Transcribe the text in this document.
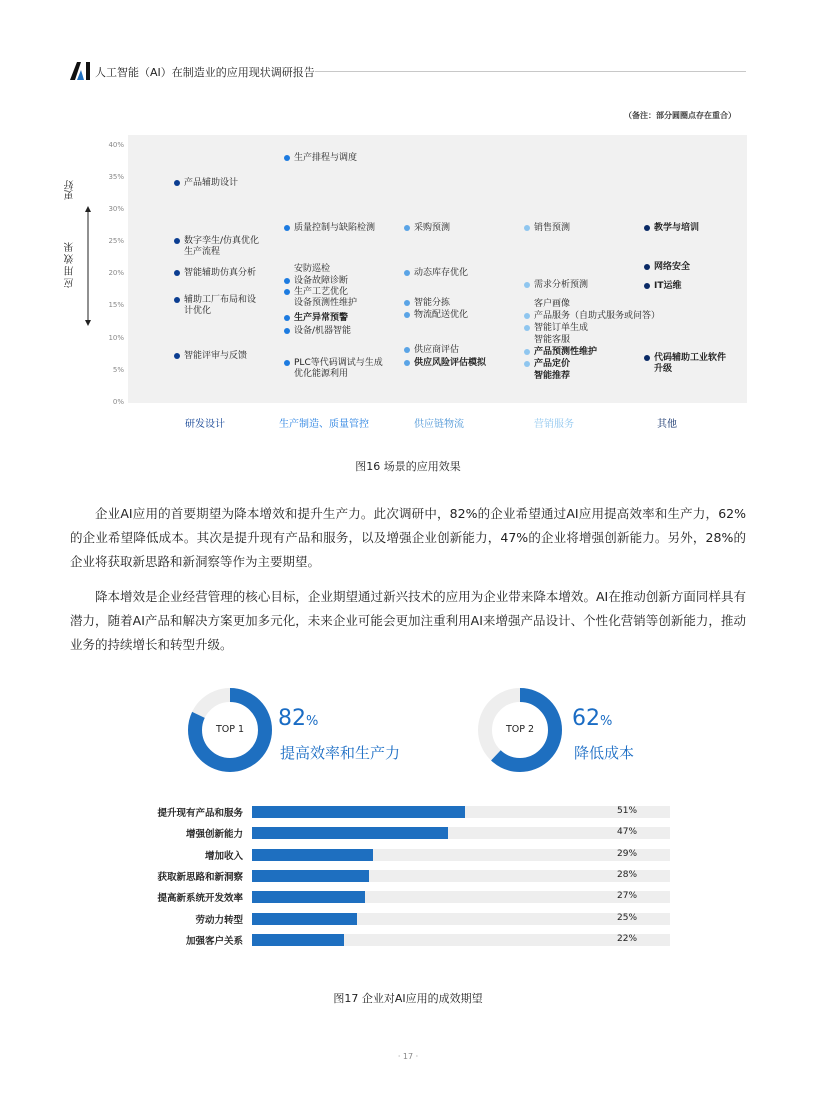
人工智能（AI）在制造业的应用现状调研报告
（备注：部分圆圈点存在重合）
40%
35%
30%
25%
20%
15%
10%
5%
0%
更好
应用效果
产品辅助设计
数字孪生/仿真优化
生产流程
智能辅助仿真分析
辅助工厂布局和设
计优化
智能评审与反馈
生产排程与调度
质量控制与缺陷检测
安防巡检
设备故障诊断
生产工艺优化
设备预测性维护
生产异常预警
设备/机器智能
PLC等代码调试与生成
优化能源利用
采购预测
动态库存优化
智能分拣
物流配送优化
供应商评估
供应风险评估模拟
销售预测
需求分析预测
客户画像
产品服务（自助式服务或问答）
智能订单生成
智能客服
产品预测性维护
产品定价
智能推荐
教学与培训
网络安全
IT运维
代码辅助工业软件
升级
研发设计	生产制造、质量管控	供应链物流	营销服务	其他
图16 场景的应用效果
企业AI应用的首要期望为降本增效和提升生产力。此次调研中，82%的企业希望通过AI应用提高效率和生产力，62%的企业希望降低成本。其次是提升现有产品和服务，以及增强企业创新能力，47%的企业将增强创新能力。另外，28%的企业将获取新思路和新洞察等作为主要期望。
降本增效是企业经营管理的核心目标，企业期望通过新兴技术的应用为企业带来降本增效。AI在推动创新方面同样具有潜力，随着AI产品和解决方案更加多元化，未来企业可能会更加注重利用AI来增强产品设计、个性化营销等创新能力，推动业务的持续增长和转型升级。
TOP 1	82%
提高效率和生产力
TOP 2	62%
降低成本
提升现有产品和服务	51%
增强创新能力	47%
增加收入	29%
获取新思路和新洞察	28%
提高新系统开发效率	27%
劳动力转型	25%
加强客户关系	22%
图17 企业对AI应用的成效期望
· 17 ·
